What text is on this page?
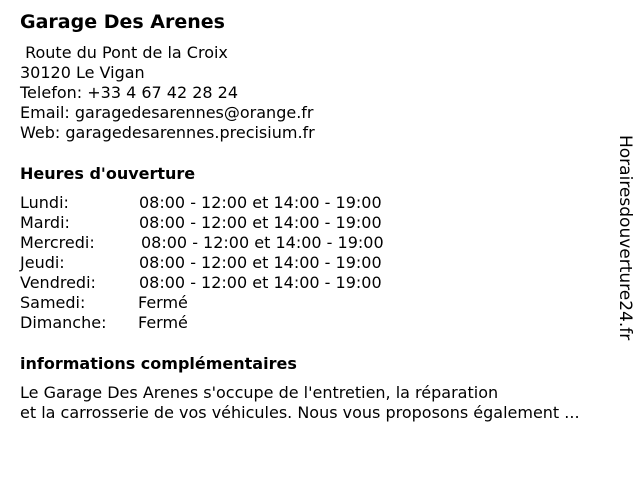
Garage Des Arenes
Route du Pont de la Croix
30120 Le Vigan
Telefon: +33 4 67 42 28 24
Email: garagedesarennes@orange.fr
Web: garagedesarennes.precisium.fr
Heures d'ouverture
Lundi:	08:00 - 12:00 et 14:00 - 19:00
Mardi:	08:00 - 12:00 et 14:00 - 19:00
Mercredi:	08:00 - 12:00 et 14:00 - 19:00
Jeudi:	08:00 - 12:00 et 14:00 - 19:00
Vendredi:	08:00 - 12:00 et 14:00 - 19:00
Samedi:	Fermé
Dimanche: Fermé
informations complémentaires
Le Garage Des Arenes s'occupe de l'entretien, la réparation
et la carrosserie de vos véhicules. Nous vous proposons également ...
Horairesdouverture24.fr
